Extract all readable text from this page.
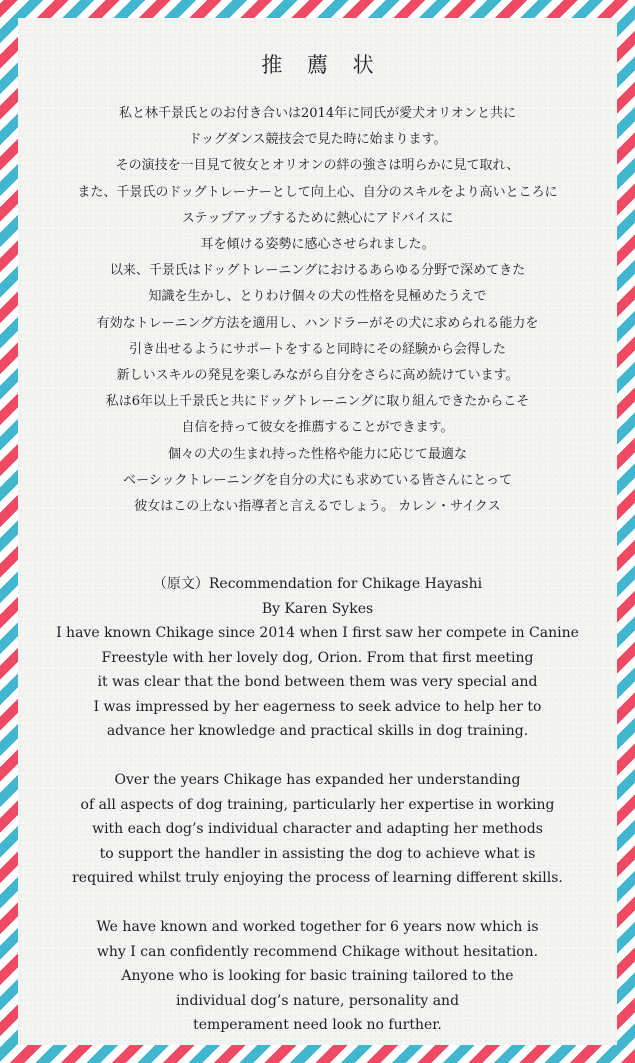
推 薦 状

私と林千景氏とのお付き合いは2014年に同氏が愛犬オリオンと共に

ドッグダンス競技会で見た時に始まります。

その演技を一目見て彼女とオリオンの絆の強さは明らかに見て取れ、

また、千景氏のドッグトレーナーとして向上心、自分のスキルをより高いところに

ステップアップするために熱心にアドバイスに

耳を傾ける姿勢に感心させられました。

以来、千景氏はドッグトレーニングにおけるあらゆる分野で深めてきた

知識を生かし、とりわけ個々の犬の性格を見極めたうえで

有効なトレーニング方法を適用し、ハンドラーがその犬に求められる能力を

引き出せるようにサポートをすると同時にその経験から会得した

新しいスキルの発見を楽しみながら自分をさらに高め続けています。

私は6年以上千景氏と共にドッグトレーニングに取り組んできたからこそ

自信を持って彼女を推薦することができます。

個々の犬の生まれ持った性格や能力に応じて最適な

ベーシックトレーニングを自分の犬にも求めている皆さんにとって

彼女はこの上ない指導者と言えるでしょう。 カレン・サイクス

（原文）Recommendation for Chikage Hayashi

By Karen Sykes

I have known Chikage since 2014 when I first saw her compete in Canine

Freestyle with her lovely dog, Orion. From that first meeting

it was clear that the bond between them was very special and

I was impressed by her eagerness to seek advice to help her to

advance her knowledge and practical skills in dog training.

Over the years Chikage has expanded her understanding

of all aspects of dog training, particularly her expertise in working

with each dog’s individual character and adapting her methods

to support the handler in assisting the dog to achieve what is

required whilst truly enjoying the process of learning different skills.

We have known and worked together for 6 years now which is

why I can confidently recommend Chikage without hesitation.

Anyone who is looking for basic training tailored to the

individual dog’s nature, personality and

temperament need look no further.
